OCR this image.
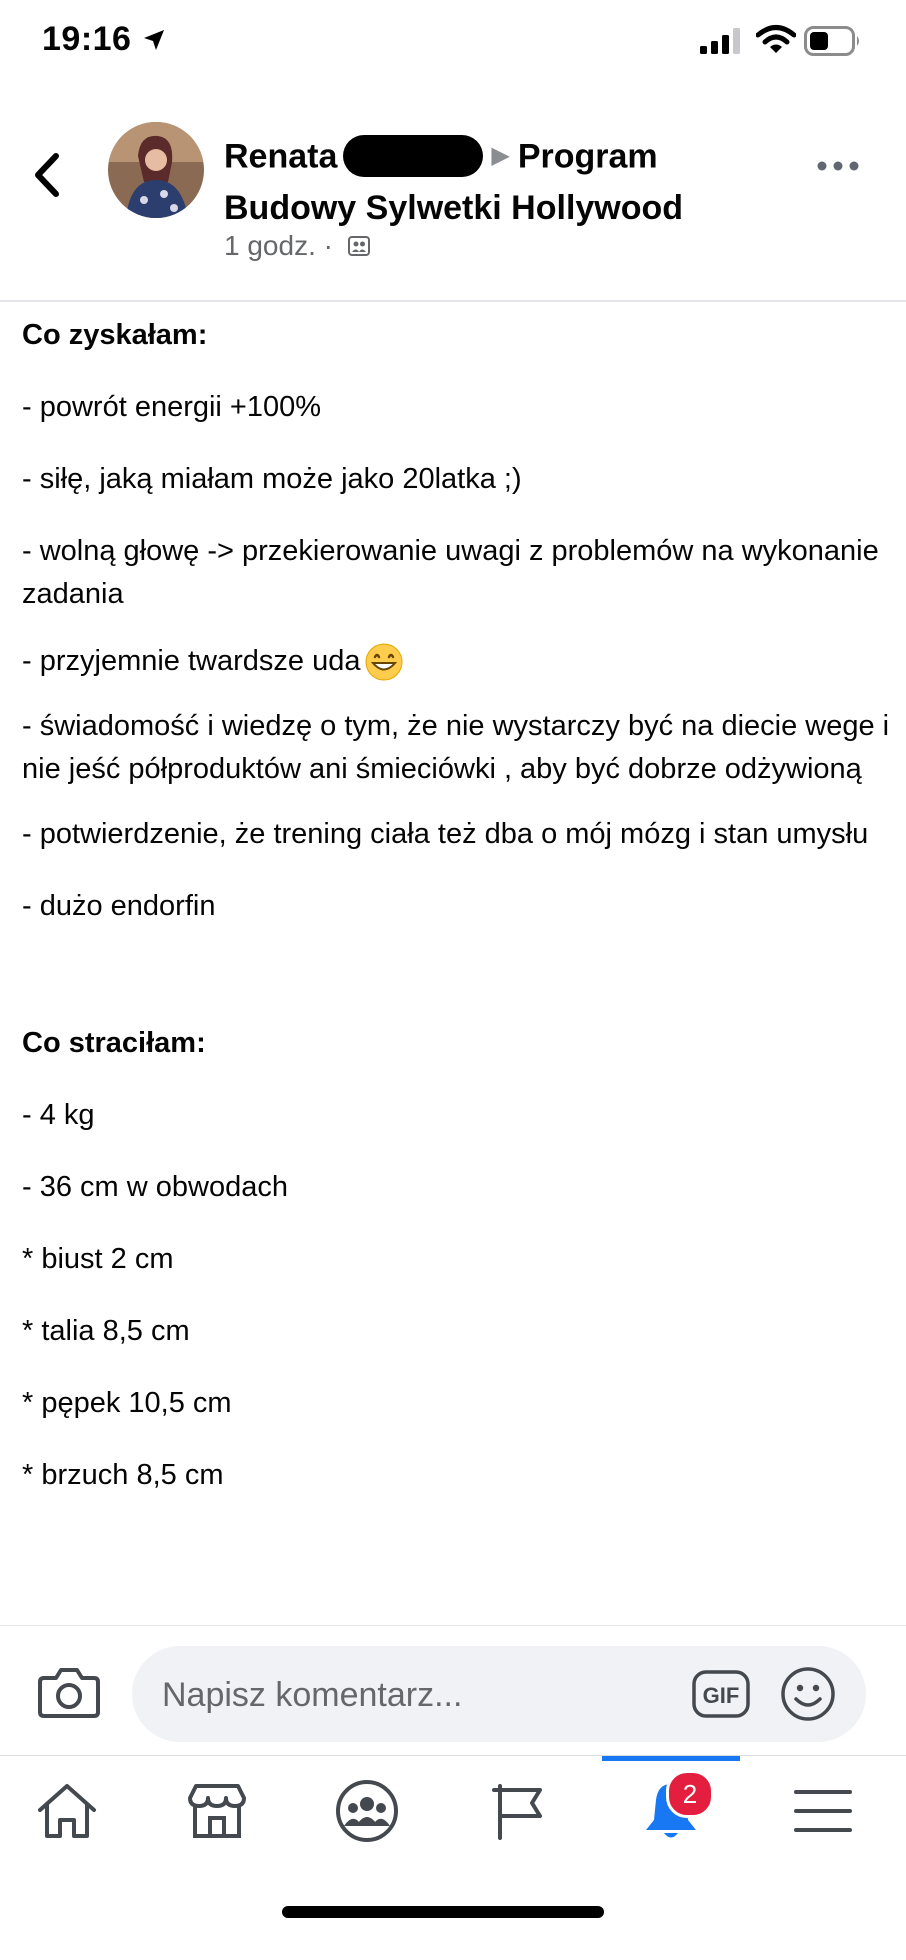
19:16
Renata	▶ Program Budowy Sylwetki Hollywood
1 godz. ·

Co zyskałam:

- powrót energii +100%

- siłę, jaką miałam może jako 20latka ;)

- wolną głowę -> przekierowanie uwagi z problemów na wykonanie zadania

- przyjemnie twardsze uda

- świadomość i wiedzę o tym, że nie wystarczy być na diecie wege i nie jeść półproduktów ani śmieciówki , aby być dobrze odżywioną

- potwierdzenie, że trening ciała też dba o mój mózg i stan umysłu

- dużo endorfin

Co straciłam:

- 4 kg

- 36 cm w obwodach

* biust 2 cm

* talia 8,5 cm

* pępek 10,5 cm

* brzuch 8,5 cm

Napisz komentarz...	GIF
2
